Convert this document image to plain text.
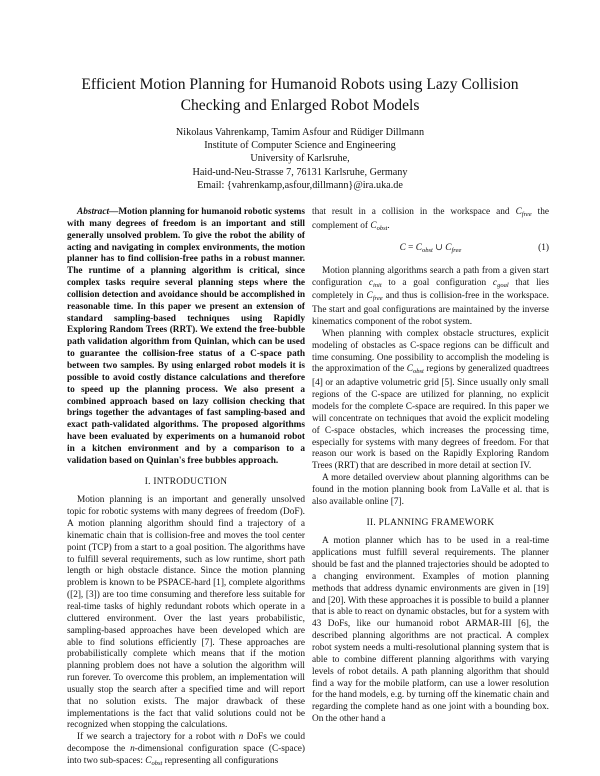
Efficient Motion Planning for Humanoid Robots using Lazy Collision
Checking and Enlarged Robot Models
Nikolaus Vahrenkamp, Tamim Asfour and Rüdiger Dillmann
Institute of Computer Science and Engineering
University of Karlsruhe,
Haid-und-Neu-Strasse 7, 76131 Karlsruhe, Germany
Email: {vahrenkamp,asfour,dillmann}@ira.uka.de

Abstract—Motion planning for humanoid robotic systems with many degrees of freedom is an important and still generally unsolved problem. To give the robot the ability of acting and navigating in complex environments, the motion planner has to find collision-free paths in a robust manner. The runtime of a planning algorithm is critical, since complex tasks require several planning steps where the collision detection and avoidance should be accomplished in reasonable time. In this paper we present an extension of standard sampling-based techniques using Rapidly Exploring Random Trees (RRT). We extend the free-bubble path validation algorithm from Quinlan, which can be used to guarantee the collision-free status of a C-space path between two samples. By using enlarged robot models it is possible to avoid costly distance calculations and therefore to speed up the planning process. We also present a combined approach based on lazy collision checking that brings together the advantages of fast sampling-based and exact path-validated algorithms. The proposed algorithms have been evaluated by experiments on a humanoid robot in a kitchen environment and by a comparison to a validation based on Quinlan's free bubbles approach.

I. INTRODUCTION

Motion planning is an important and generally unsolved topic for robotic systems with many degrees of freedom (DoF). A motion planning algorithm should find a trajectory of a kinematic chain that is collision-free and moves the tool center point (TCP) from a start to a goal position. The algorithms have to fulfill several requirements, such as low runtime, short path length or high obstacle distance. Since the motion planning problem is known to be PSPACE-hard [1], complete algorithms ([2], [3]) are too time consuming and therefore less suitable for real-time tasks of highly redundant robots which operate in a cluttered environment. Over the last years probabilistic, sampling-based approaches have been developed which are able to find solutions efficiently [7]. These approaches are probabilistically complete which means that if the motion planning problem does not have a solution the algorithm will run forever. To overcome this problem, an implementation will usually stop the search after a specified time and will report that no solution exists. The major drawback of these implementations is the fact that valid solutions could not be recognized when stopping the calculations.

If we search a trajectory for a robot with n DoFs we could decompose the n-dimensional configuration space (C-space) into two sub-spaces: $C_{obst}$ representing all configurations

that result in a collision in the workspace and $C_{free}$ the complement of $C_{obst}$.

$C = C_{obst}$ ∪ $C_{free}$	(1)

Motion planning algorithms search a path from a given start configuration $c_{init}$ to a goal configuration $c_{goal}$ that lies completely in $C_{free}$ and thus is collision-free in the workspace. The start and goal configurations are maintained by the inverse kinematics component of the robot system.

When planning with complex obstacle structures, explicit modeling of obstacles as C-space regions can be difficult and time consuming. One possibility to accomplish the modeling is the approximation of the $C_{obst}$ regions by generalized quadtrees [4] or an adaptive volumetric grid [5]. Since usually only small regions of the C-space are utilized for planning, no explicit models for the complete C-space are required. In this paper we will concentrate on techniques that avoid the explicit modeling of C-space obstacles, which increases the processing time, especially for systems with many degrees of freedom. For that reason our work is based on the Rapidly Exploring Random Trees (RRT) that are described in more detail at section IV.

A more detailed overview about planning algorithms can be found in the motion planning book from LaValle et al. that is also available online [7].

II. PLANNING FRAMEWORK

A motion planner which has to be used in a real-time applications must fulfill several requirements. The planner should be fast and the planned trajectories should be adopted to a changing environment. Examples of motion planning methods that address dynamic environments are given in [19] and [20]. With these approaches it is possible to build a planner that is able to react on dynamic obstacles, but for a system with 43 DoFs, like our humanoid robot ARMAR-III [6], the described planning algorithms are not practical. A complex robot system needs a multi-resolutional planning system that is able to combine different planning algorithms with varying levels of robot details. A path planning algorithm that should find a way for the mobile platform, can use a lower resolution for the hand models, e.g. by turning off the kinematic chain and regarding the complete hand as one joint with a bounding box. On the other hand a
